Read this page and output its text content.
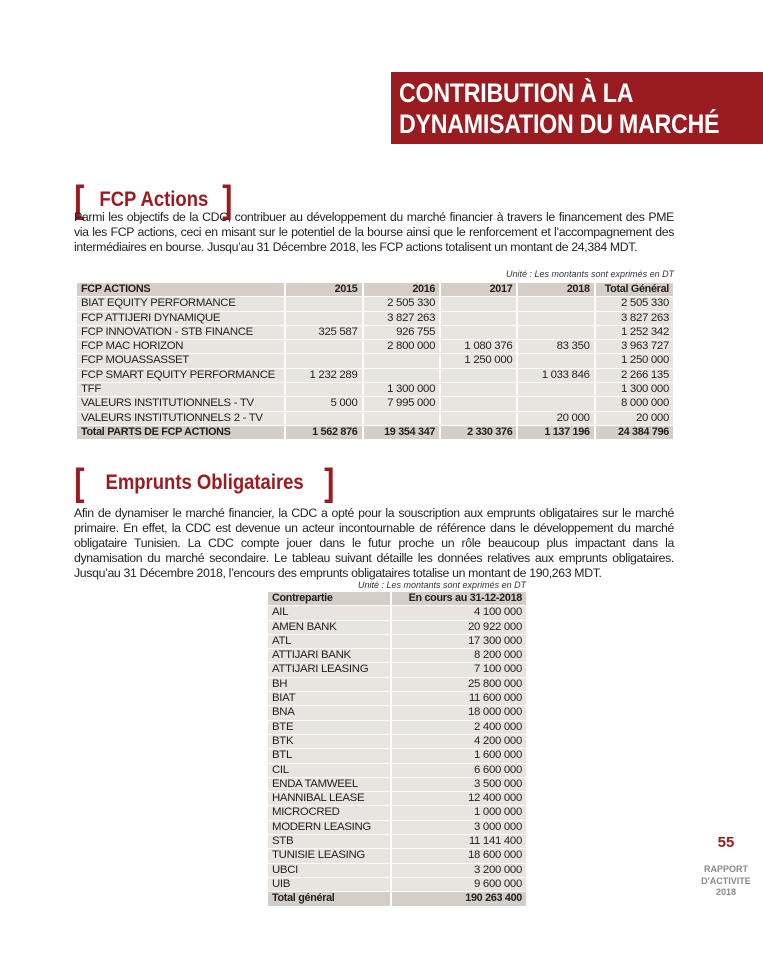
CONTRIBUTION À LA
DYNAMISATION DU MARCHÉ
[ FCP Actions ]

Parmi les objectifs de la CDC, contribuer au développement du marché financier à travers le financement des PME via les FCP actions, ceci en misant sur le potentiel de la bourse ainsi que le renforcement et l’accompagnement des intermédiaires en bourse. Jusqu’au 31 Décembre 2018, les FCP actions totalisent un montant de 24,384 MDT.

Unité : Les montants sont exprimés en DT
FCP ACTIONS	2015	2016	2017	2018	Total Général
BIAT EQUITY PERFORMANCE		2 505 330			2 505 330
FCP ATTIJERI DYNAMIQUE		3 827 263			3 827 263
FCP INNOVATION - STB FINANCE	325 587	926 755			1 252 342
FCP MAC HORIZON		2 800 000	1 080 376	83 350	3 963 727
FCP MOUASSASSET			1 250 000		1 250 000
FCP SMART EQUITY PERFORMANCE	1 232 289			1 033 846	2 266 135
TFF		1 300 000			1 300 000
VALEURS INSTITUTIONNELS - TV	5 000	7 995 000			8 000 000
VALEURS INSTITUTIONNELS 2 - TV				20 000	20 000
Total PARTS DE FCP ACTIONS	1 562 876	19 354 347	2 330 376	1 137 196	24 384 796
[ Emprunts Obligataires ]

Afin de dynamiser le marché financier, la CDC a opté pour la souscription aux emprunts obligataires sur le marché primaire. En effet, la CDC est devenue un acteur incontournable de référence dans le développement du marché obligataire Tunisien. La CDC compte jouer dans le futur proche un rôle beaucoup plus impactant dans la dynamisation du marché secondaire. Le tableau suivant détaille les données relatives aux emprunts obligataires. Jusqu’au 31 Décembre 2018, l’encours des emprunts obligataires totalise un montant de 190,263 MDT.

Unité : Les montants sont exprimés en DT
Contrepartie	En cours au 31-12-2018
AIL	4 100 000
AMEN BANK	20 922 000
ATL	17 300 000
ATTIJARI BANK	8 200 000
ATTIJARI LEASING	7 100 000
BH	25 800 000
BIAT	11 600 000
BNA	18 000 000
BTE	2 400 000
BTK	4 200 000
BTL	1 600 000
CIL	6 600 000
ENDA TAMWEEL	3 500 000
HANNIBAL LEASE	12 400 000
MICROCRED	1 000 000
MODERN LEASING	3 000 000
STB	11 141 400
TUNISIE LEASING	18 600 000
UBCI	3 200 000
UIB	9 600 000
Total général	190 263 400
55
RAPPORT
D'ACTIVITE
2018
